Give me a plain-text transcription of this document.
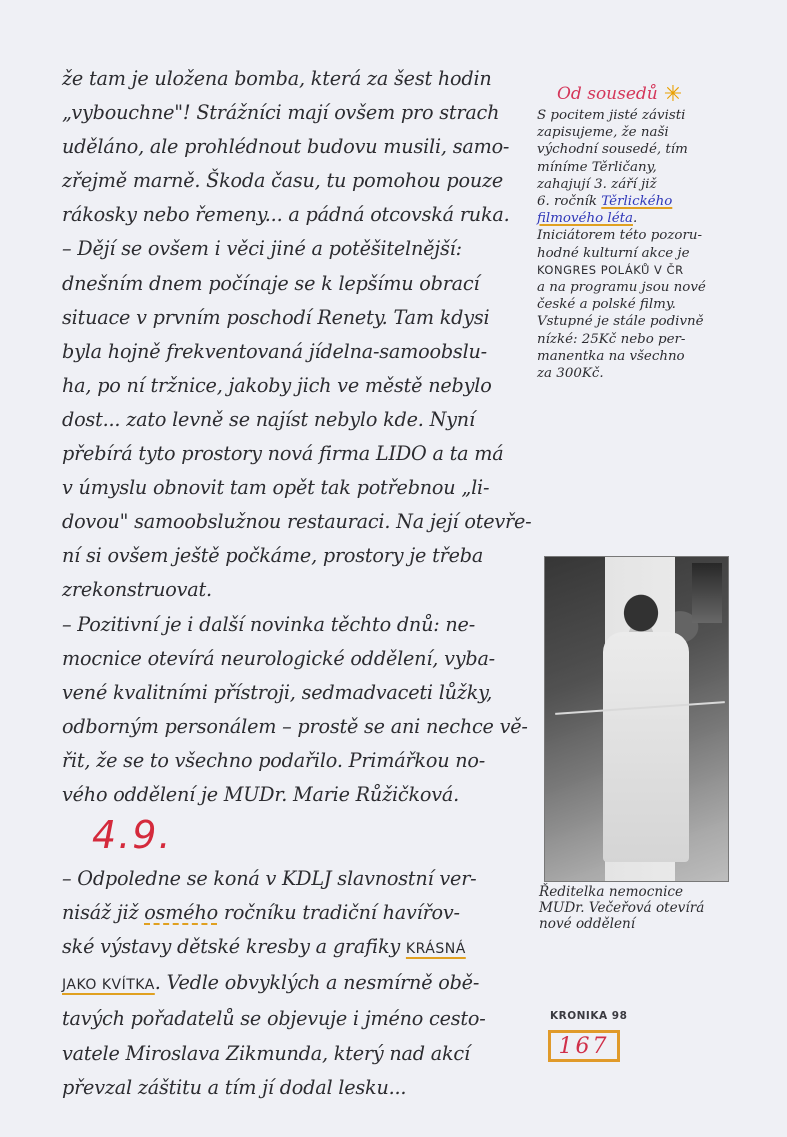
že tam je uložena bomba, která za šest hodin
„vybouchne"! Strážníci mají ovšem pro strach
uděláno, ale prohlédnout budovu musili, samo-
zřejmě marně. Škoda času, tu pomohou pouze
rákosky nebo řemeny... a pádná otcovská ruka.
– Dějí se ovšem i věci jiné a potěšitelnější:
dnešním dnem počínaje se k lepšímu obrací
situace v prvním poschodí Renety. Tam kdysi
byla hojně frekventovaná jídelna-samoobslu-
ha, po ní tržnice, jakoby jich ve městě nebylo
dost... zato levně se najíst nebylo kde. Nyní
přebírá tyto prostory nová firma LIDO a ta má
v úmyslu obnovit tam opět tak potřebnou „li-
dovou" samoobslužnou restauraci. Na její otevře-
ní si ovšem ještě počkáme, prostory je třeba
zrekonstruovat.
– Pozitivní je i další novinka těchto dnů: ne-
mocnice otevírá neurologické oddělení, vyba-
vené kvalitními přístroji, sedmadvaceti lůžky,
odborným personálem – prostě se ani nechce vě-
řit, že se to všechno podařilo. Primářkou no-
vého oddělení je MUDr. Marie Růžičková.
4.9.
– Odpoledne se koná v KDLJ slavnostní ver-
nisáž již osmého ročníku tradiční havířov-
ské výstavy dětské kresby a grafiky KRÁSNÁ
JAKO KVÍTKA. Vedle obvyklých a nesmírně obě-
tavých pořadatelů se objevuje i jméno cesto-
vatele Miroslava Zikmunda, který nad akcí
převzal záštitu a tím jí dodal lesku...
Od sousedů ✳
S pocitem jisté závisti
zapisujeme, že naši
východní sousedé, tím
míníme Těrličany,
zahajují 3. září již
6. ročník Těrlického
filmového léta.
Iniciátorem této pozoru-
hodné kulturní akce je
KONGRES POLÁKŮ V ČR
a na programu jsou nové
české a polské filmy.
Vstupné je stále podivně
nízké: 25Kč nebo per-
manentka na všechno
za 300Kč.
Ředitelka nemocnice
MUDr. Večeřová otevírá
nové oddělení
KRONIKA 98
167
